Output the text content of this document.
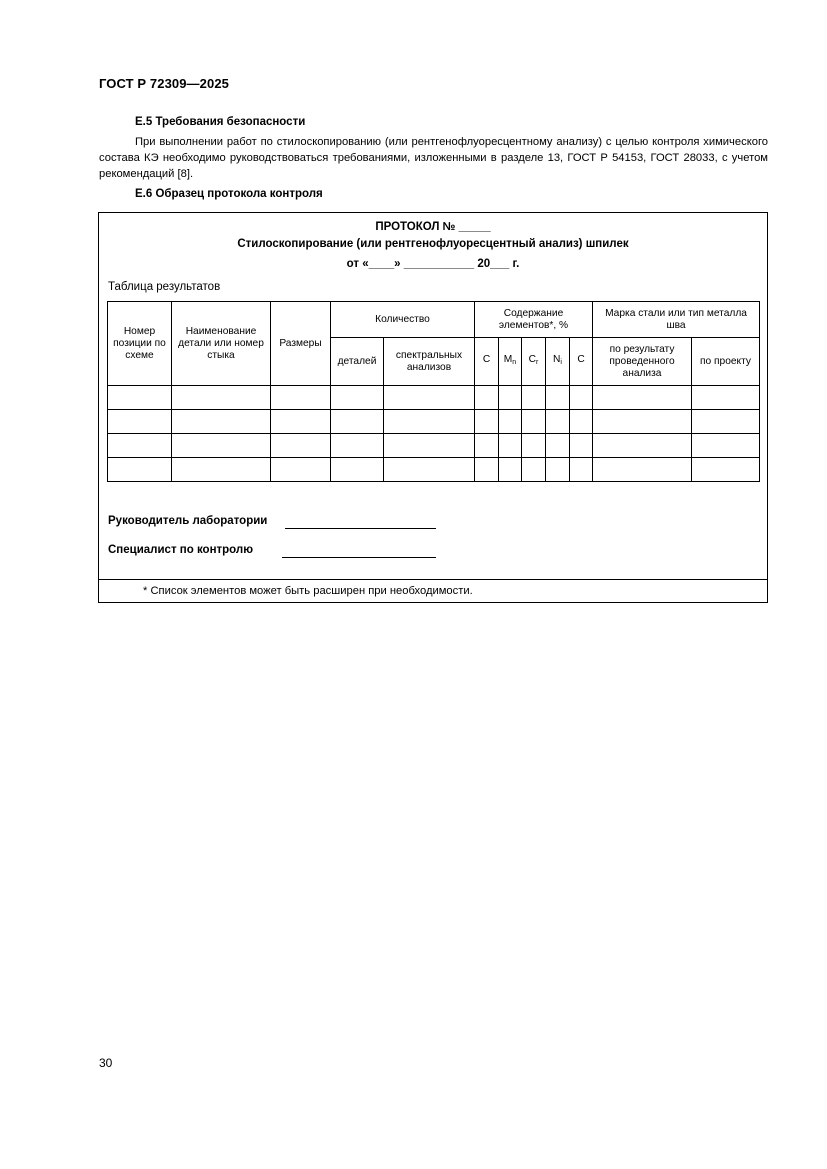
ГОСТ Р 72309—2025
Е.5 Требования безопасности
При выполнении работ по стилоскопированию (или рентгенофлуоресцентному анализу) с целью контроля химического состава КЭ необходимо руководствоваться требованиями, изложенными в разделе 13, ГОСТ Р 54153, ГОСТ 28033, с учетом рекомендаций [8].
Е.6 Образец протокола контроля
ПРОТОКОЛ № _____
Стилоскопирование (или рентгенофлуоресцентный анализ) шпилек
от «____» ___________ 20___ г.
Таблица результатов
Номер позиции по схеме	Наименование детали или номер стыка	Размеры	Количество		Содержание элементов*, %					Марка стали или тип металла шва	
			деталей	спектральных анализов	C	$M_n$	$C_r$	$N_i$	C	по результату проведенного анализа	по проекту

Руководитель лаборатории
Специалист по контролю
* Список элементов может быть расширен при необходимости.
30
